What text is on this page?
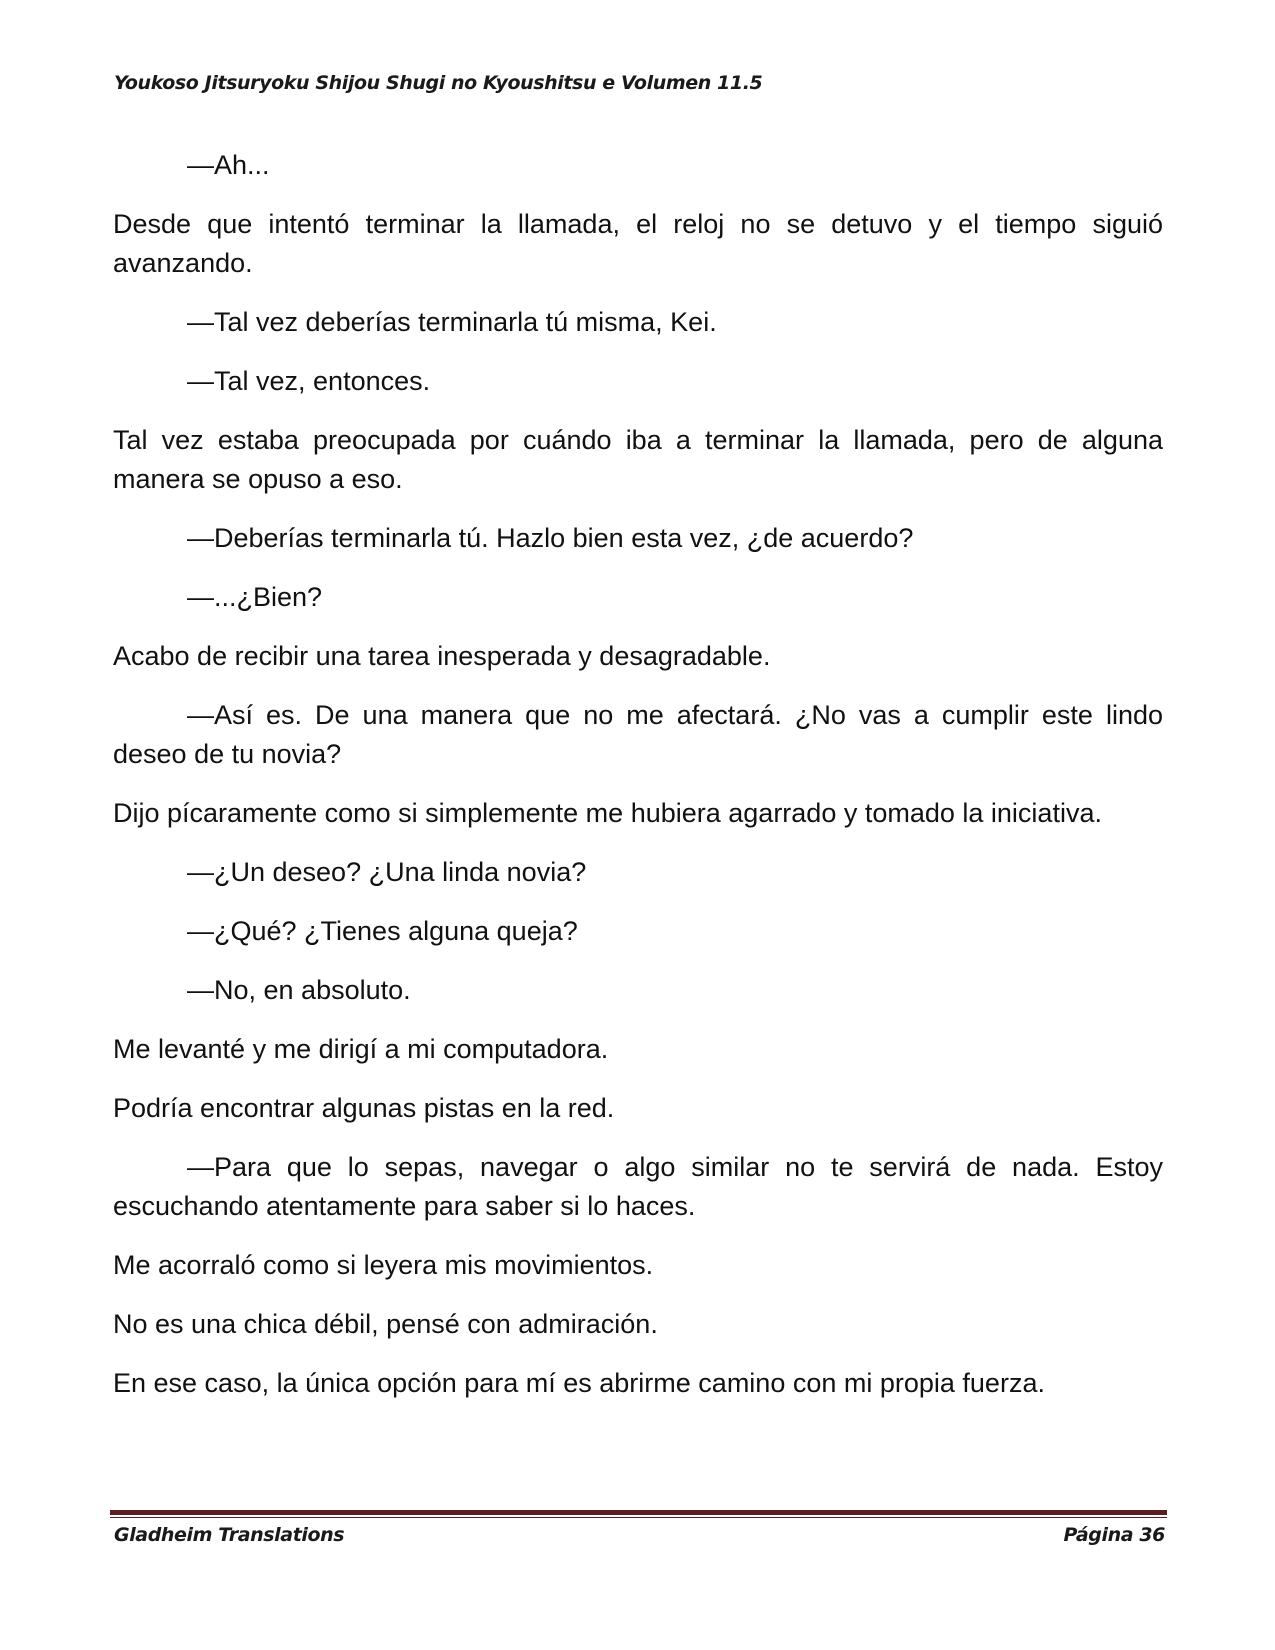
Youkoso Jitsuryoku Shijou Shugi no Kyoushitsu e Volumen 11.5

—Ah...

Desde que intentó terminar la llamada, el reloj no se detuvo y el tiempo siguió avanzando.

—Tal vez deberías terminarla tú misma, Kei.

—Tal vez, entonces.

Tal vez estaba preocupada por cuándo iba a terminar la llamada, pero de alguna manera se opuso a eso.

—Deberías terminarla tú. Hazlo bien esta vez, ¿de acuerdo?

—...¿Bien?

Acabo de recibir una tarea inesperada y desagradable.

—Así es. De una manera que no me afectará. ¿No vas a cumplir este lindo deseo de tu novia?

Dijo pícaramente como si simplemente me hubiera agarrado y tomado la iniciativa.

—¿Un deseo? ¿Una linda novia?

—¿Qué? ¿Tienes alguna queja?

—No, en absoluto.

Me levanté y me dirigí a mi computadora.

Podría encontrar algunas pistas en la red.

—Para que lo sepas, navegar o algo similar no te servirá de nada. Estoy escuchando atentamente para saber si lo haces.

Me acorraló como si leyera mis movimientos.

No es una chica débil, pensé con admiración.

En ese caso, la única opción para mí es abrirme camino con mi propia fuerza.

Gladheim Translations	Página 36
